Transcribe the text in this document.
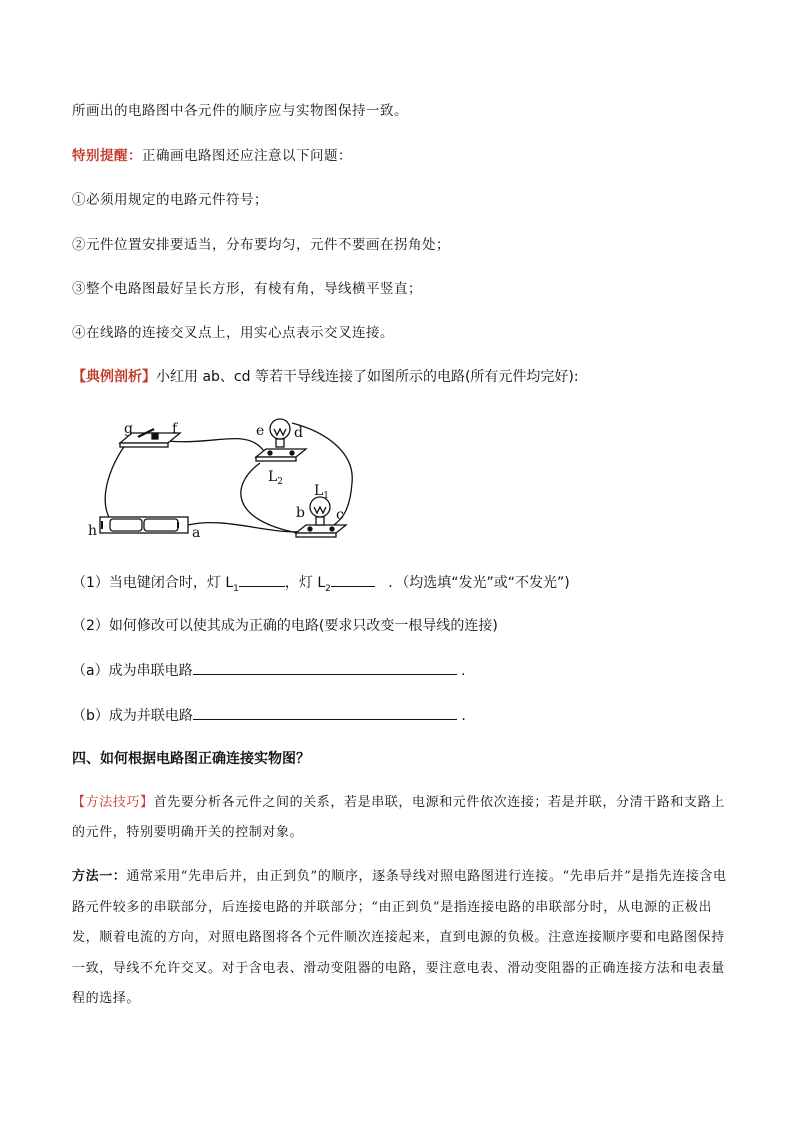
所画出的电路图中各元件的顺序应与实物图保持一致。
特别提醒：正确画电路图还应注意以下问题：
①必须用规定的电路元件符号；
②元件位置安排要适当，分布要均匀，元件不要画在拐角处；
③整个电路图最好呈长方形，有棱有角，导线横平竖直；
④在线路的连接交叉点上，用实心点表示交叉连接。
【典例剖析】小红用 ab、cd 等若干导线连接了如图所示的电路(所有元件均完好):
g	f	e d
$L_2$
$L_1$
b c
h	a
（1）当电键闭合时，灯 $L_1$	，灯 $L_2$	．（均选填“发光”或“不发光”)
（2）如何修改可以使其成为正确的电路(要求只改变一根导线的连接)
（a）成为串联电路	.
（b）成为并联电路	.
四、如何根据电路图正确连接实物图？
【方法技巧】首先要分析各元件之间的关系，若是串联，电源和元件依次连接；若是并联，分清干路和支路上的元件，特别要明确开关的控制对象。
方法一：通常采用“先串后并，由正到负”的顺序，逐条导线对照电路图进行连接。“先串后并”是指先连接含电路元件较多的串联部分，后连接电路的并联部分；“由正到负”是指连接电路的串联部分时，从电源的正极出发，顺着电流的方向，对照电路图将各个元件顺次连接起来，直到电源的负极。注意连接顺序要和电路图保持一致，导线不允许交叉。对于含电表、滑动变阻器的电路，要注意电表、滑动变阻器的正确连接方法和电表量程的选择。
